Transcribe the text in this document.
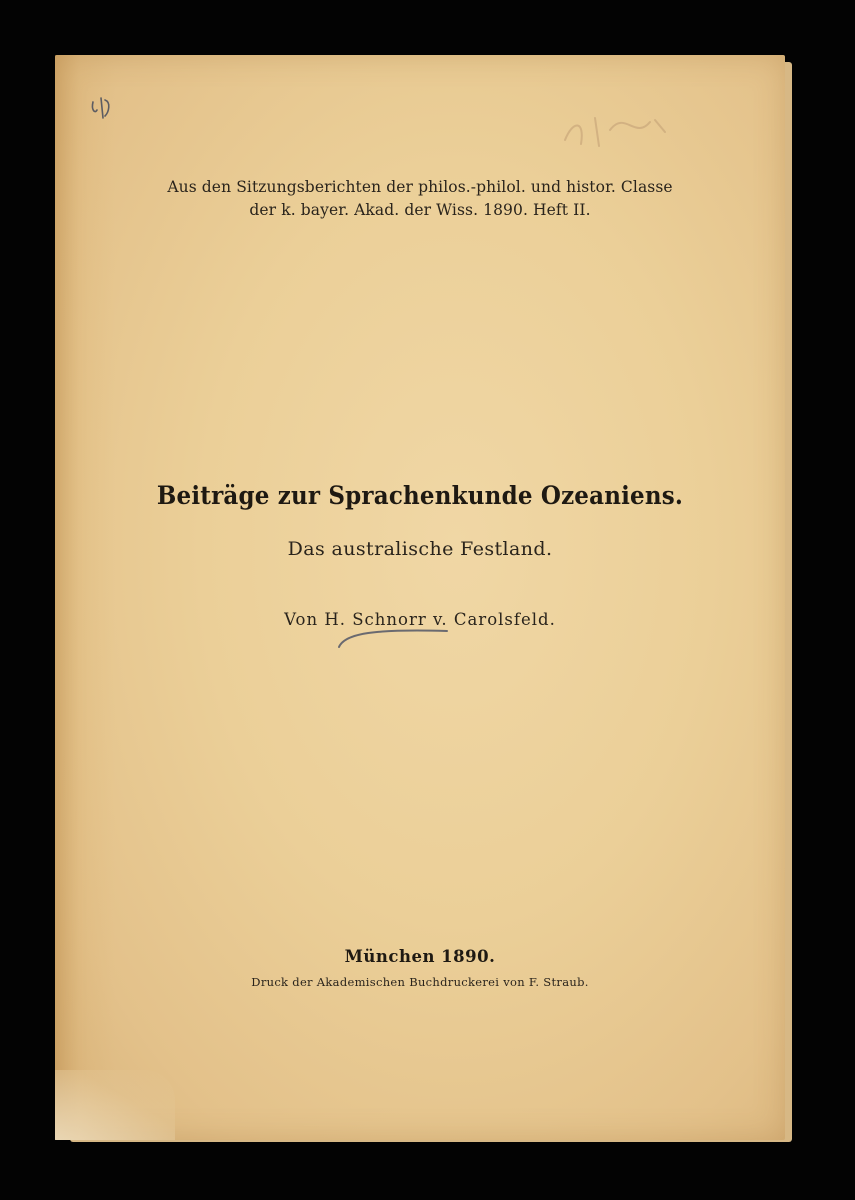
Aus den Sitzungsberichten der philos.-philol. und histor. Classe
der k. bayer. Akad. der Wiss. 1890. Heft II.
Beiträge zur Sprachenkunde Ozeaniens.
Das australische Festland.
Von H. Schnorr v. Carolsfeld.
München 1890.
Druck der Akademischen Buchdruckerei von F. Straub.
